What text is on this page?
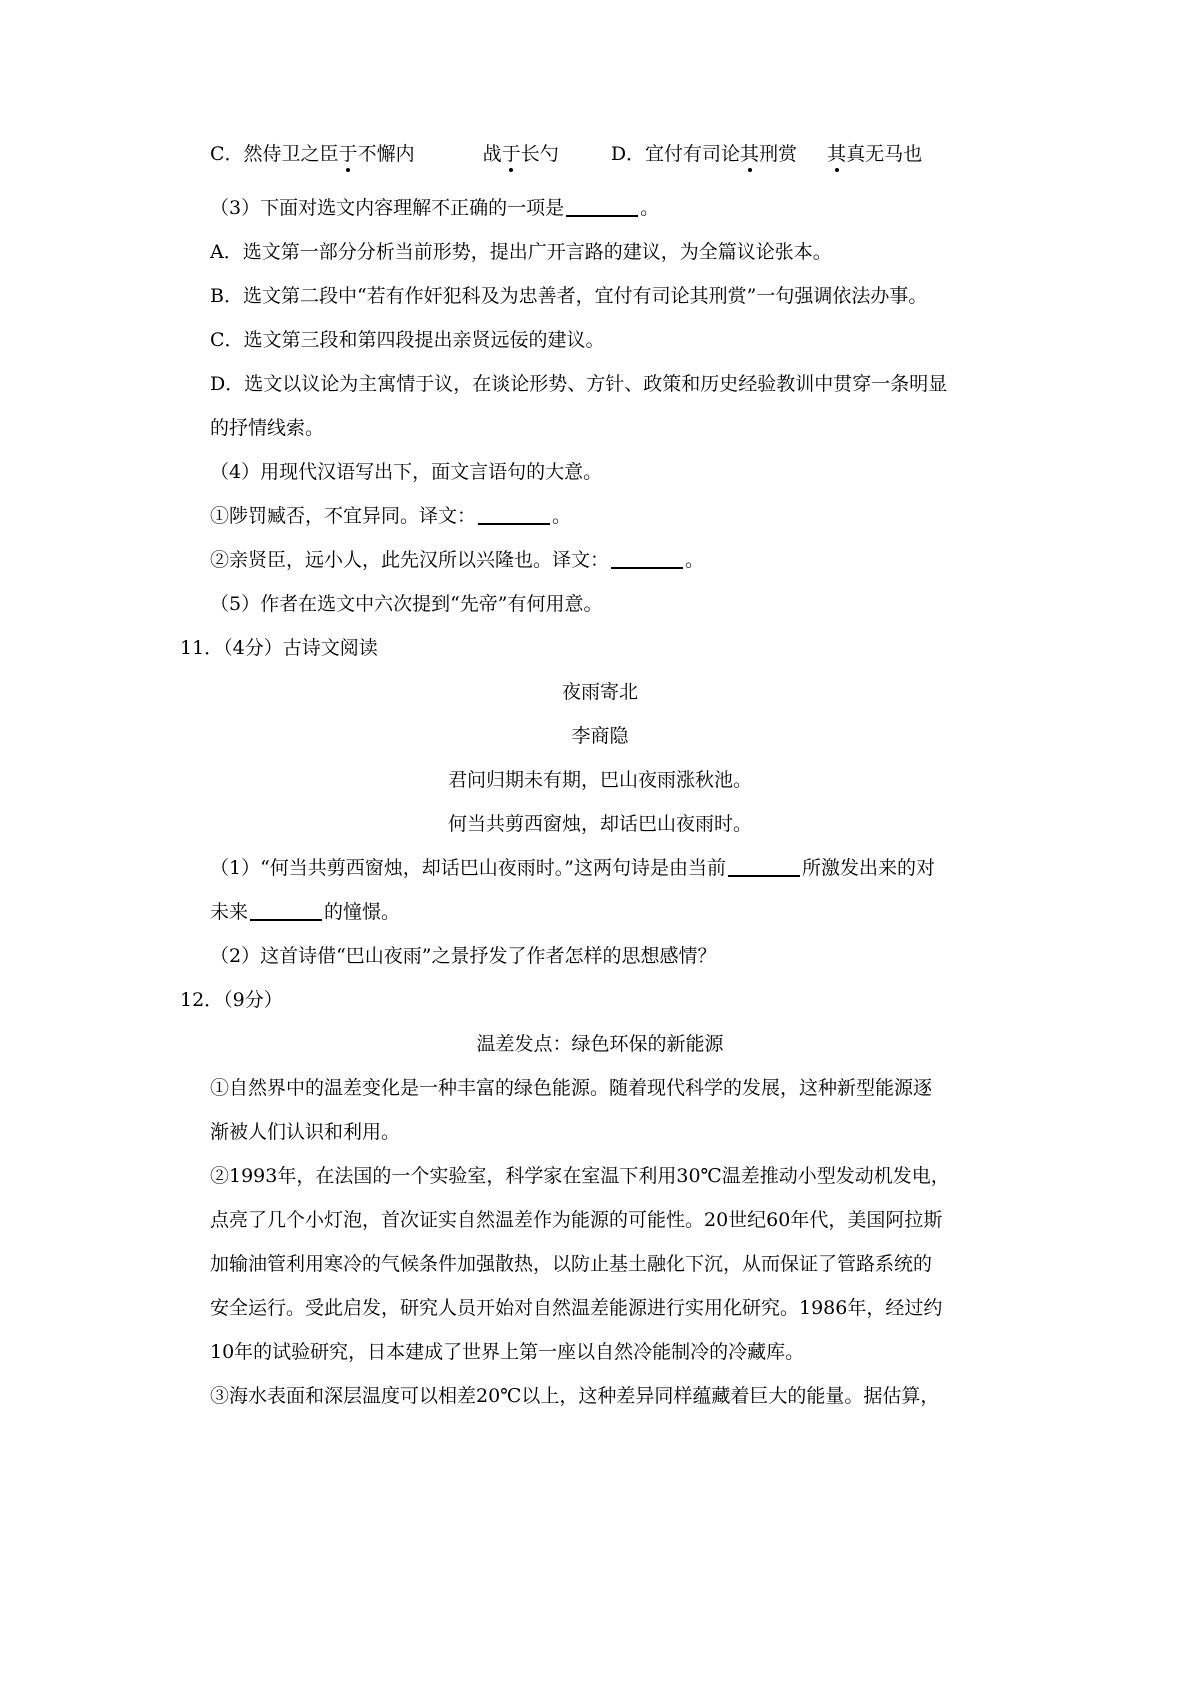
C．然侍卫之臣于不懈内	战于长勺	D．宜付有司论其刑赏 其真无马也
（3）下面对选文内容理解不正确的一项是	。
A．选文第一部分分析当前形势，提出广开言路的建议，为全篇议论张本。
B．选文第二段中“若有作奸犯科及为忠善者，宜付有司论其刑赏”一句强调依法办事。
C．选文第三段和第四段提出亲贤远佞的建议。
D．选文以议论为主寓情于议，在谈论形势、方针、政策和历史经验教训中贯穿一条明显
的抒情线索。
（4）用现代汉语写出下，面文言语句的大意。
①陟罚臧否，不宜异同。译文：	。
②亲贤臣，远小人，此先汉所以兴隆也。译文：	。
（5）作者在选文中六次提到“先帝”有何用意。
11．（4分）古诗文阅读
夜雨寄北
李商隐
君问归期未有期，巴山夜雨涨秋池。
何当共剪西窗烛，却话巴山夜雨时。
（1）“何当共剪西窗烛，却话巴山夜雨时。”这两句诗是由当前	所激发出来的对
未来	的憧憬。
（2）这首诗借“巴山夜雨”之景抒发了作者怎样的思想感情？
12．（9分）
温差发点：绿色环保的新能源
①自然界中的温差变化是一种丰富的绿色能源。随着现代科学的发展，这种新型能源逐
渐被人们认识和利用。
②1993年，在法国的一个实验室，科学家在室温下利用30℃温差推动小型发动机发电，
点亮了几个小灯泡，首次证实自然温差作为能源的可能性。20世纪60年代，美国阿拉斯
加输油管利用寒冷的气候条件加强散热，以防止基土融化下沉，从而保证了管路系统的
安全运行。受此启发，研究人员开始对自然温差能源进行实用化研究。1986年，经过约
10年的试验研究，日本建成了世界上第一座以自然冷能制冷的冷藏库。
③海水表面和深层温度可以相差20℃以上，这种差异同样蕴藏着巨大的能量。据估算，
